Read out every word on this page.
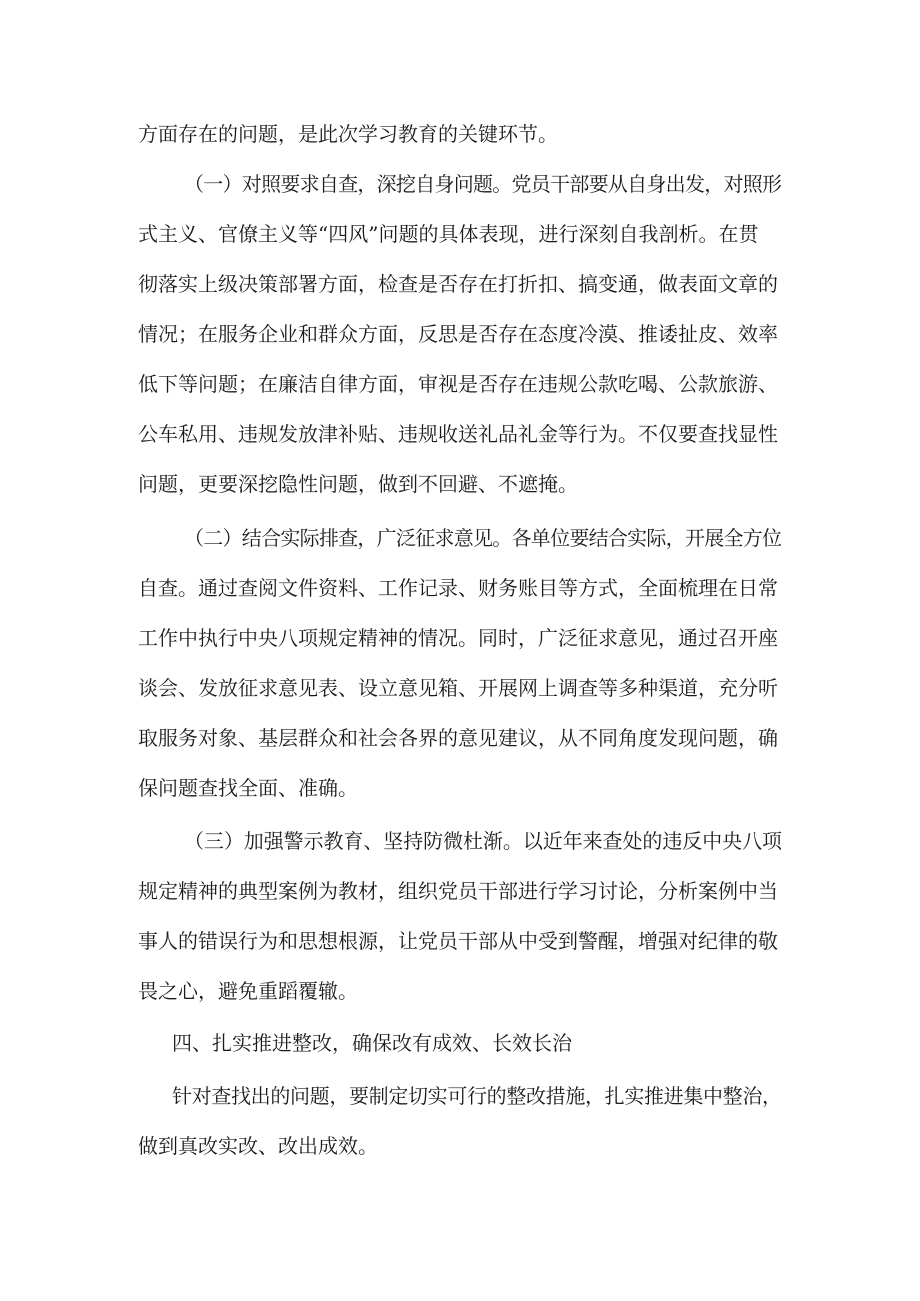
方面存在的问题，是此次学习教育的关键环节。
（一）对照要求自查，深挖自身问题。党员干部要从自身出发，对照形
式主义、官僚主义等“四风”问题的具体表现，进行深刻自我剖析。在贯
彻落实上级决策部署方面，检查是否存在打折扣、搞变通，做表面文章的
情况；在服务企业和群众方面，反思是否存在态度冷漠、推诿扯皮、效率
低下等问题；在廉洁自律方面，审视是否存在违规公款吃喝、公款旅游、
公车私用、违规发放津补贴、违规收送礼品礼金等行为。不仅要查找显性
问题，更要深挖隐性问题，做到不回避、不遮掩。
（二）结合实际排查，广泛征求意见。各单位要结合实际，开展全方位
自查。通过查阅文件资料、工作记录、财务账目等方式，全面梳理在日常
工作中执行中央八项规定精神的情况。同时，广泛征求意见，通过召开座
谈会、发放征求意见表、设立意见箱、开展网上调查等多种渠道，充分听
取服务对象、基层群众和社会各界的意见建议，从不同角度发现问题，确
保问题查找全面、准确。
（三）加强警示教育、坚持防微杜渐。以近年来查处的违反中央八项
规定精神的典型案例为教材，组织党员干部进行学习讨论，分析案例中当
事人的错误行为和思想根源，让党员干部从中受到警醒，增强对纪律的敬
畏之心，避免重蹈覆辙。
四、扎实推进整改，确保改有成效、长效长治
针对查找出的问题，要制定切实可行的整改措施，扎实推进集中整治，
做到真改实改、改出成效。
